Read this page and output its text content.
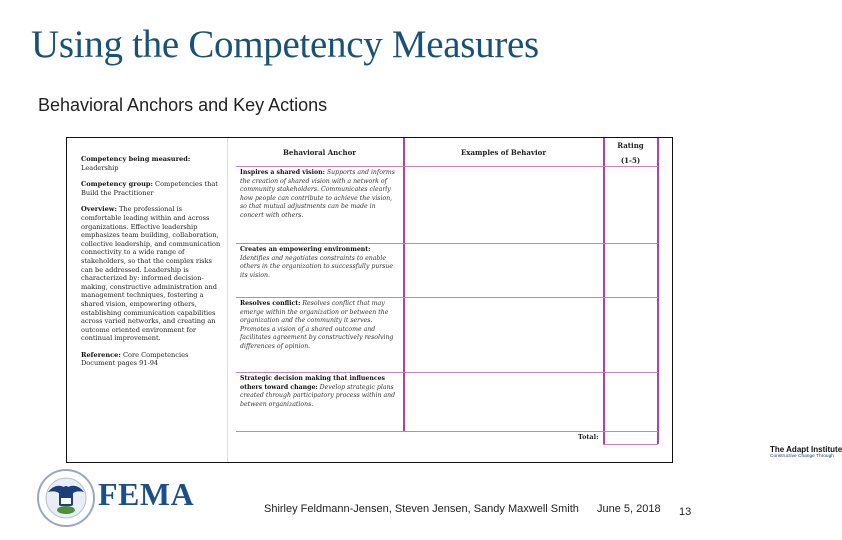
Using the Competency Measures
Behavioral Anchors and Key Actions

Competency being measured:
Leadership

Competency group: Competencies that Build the Practitioner

Overview: The professional is comfortable leading within and across organizations. Effective leadership emphasizes team building, collaboration, collective leadership, and communication connectivity to a wide range of stakeholders, so that the complex risks can be addressed. Leadership is characterized by: informed decision-making, constructive administration and management techniques, fostering a shared vision, empowering others, establishing communication capabilities across varied networks, and creating an outcome oriented environment for continual improvement.

Reference: Core Competencies Document pages 91-94

Behavioral Anchor	Examples of Behavior
Rating
(1-5)
Inspires a shared vision: Supports and informs the creation of shared vision with a network of community stakeholders. Communicates clearly how people can contribute to achieve the vision, so that mutual adjustments can be made in concert with others.
Creates an empowering environment: Identifies and negotiates constraints to enable others in the organization to successfully pursue its vision.
Resolves conflict: Resolves conflict that may emerge within the organization or between the organization and the community it serves. Promotes a vision of a shared outcome and facilitates agreement by constructively resolving differences of opinion.
Strategic decision making that influences others toward change: Develop strategic plans created through participatory process within and between organizations.
Total:
The Adapt Institute
Constructive Change Through
FEMA	Shirley Feldmann-Jensen, Steven Jensen, Sandy Maxwell Smith June 5, 2018 13
